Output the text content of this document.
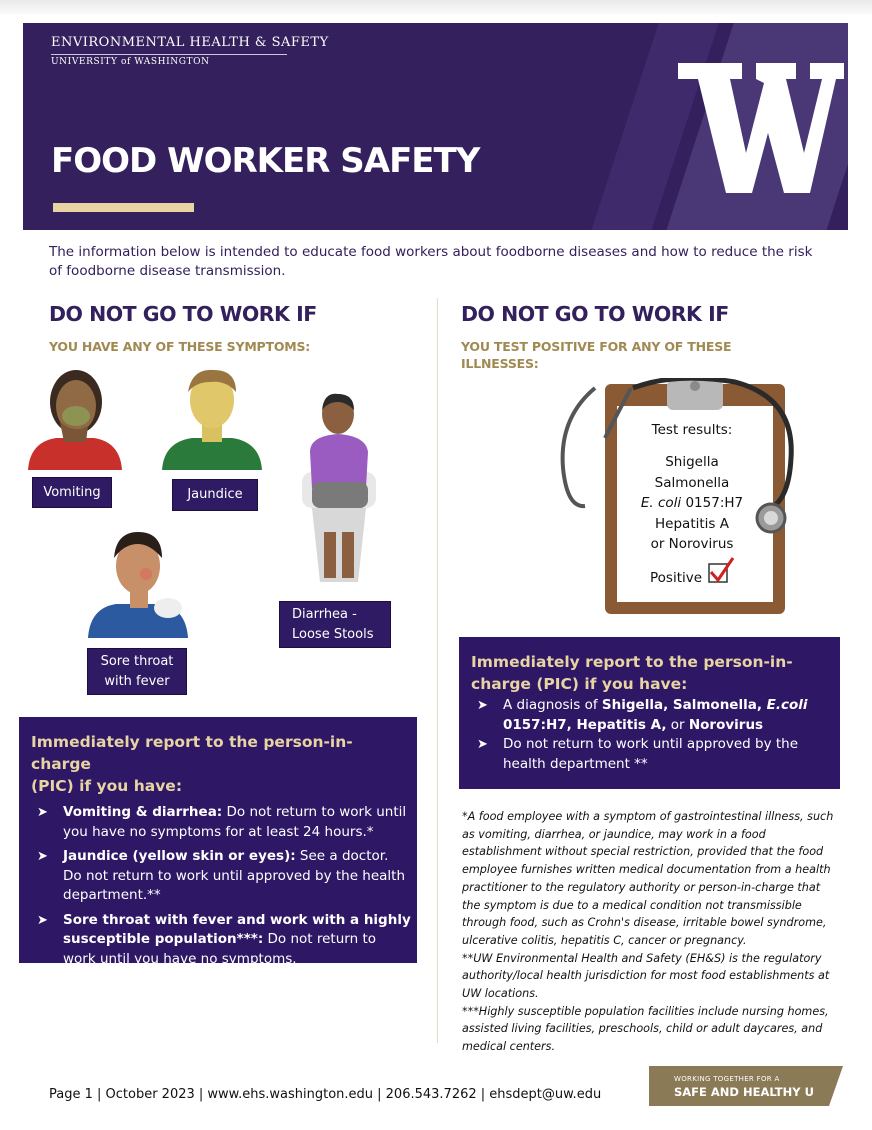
ENVIRONMENTAL HEALTH & SAFETY
UNIVERSITY of WASHINGTON
FOOD WORKER SAFETY
The information below is intended to educate food workers about foodborne diseases and how to reduce the risk of foodborne disease transmission.
DO NOT GO TO WORK IF
YOU HAVE ANY OF THESE SYMPTOMS:
Vomiting	Jaundice
Diarrhea -
Loose Stools
Sore throat
with fever
Immediately report to the person-in-charge
(PIC) if you have:
➤ Vomiting & diarrhea: Do not return to work until you have no symptoms for at least 24 hours.*
➤ Jaundice (yellow skin or eyes): See a doctor. Do not return to work until approved by the health department.**
➤ Sore throat with fever and work with a highly susceptible population***: Do not return to work until you have no symptoms.
DO NOT GO TO WORK IF
YOU TEST POSITIVE FOR ANY OF THESE
ILLNESSES:
Test results:
Shigella
Salmonella
E. coli 0157:H7
Hepatitis A
or Norovirus
Positive
Immediately report to the person-in-
charge (PIC) if you have:
➤ A diagnosis of Shigella, Salmonella, E.coli
0157:H7, Hepatitis A, or Norovirus
➤ Do not return to work until approved by the health department **
*A food employee with a symptom of gastrointestinal illness, such as vomiting, diarrhea, or jaundice, may work in a food establishment without special restriction, provided that the food employee furnishes written medical documentation from a health practitioner to the regulatory authority or person-in-charge that the symptom is due to a medical condition not transmissible through food, such as Crohn's disease, irritable bowel syndrome, ulcerative colitis, hepatitis C, cancer or pregnancy.
**UW Environmental Health and Safety (EH&S) is the regulatory authority/local health jurisdiction for most food establishments at UW locations.
***Highly susceptible population facilities include nursing homes, assisted living facilities, preschools, child or adult daycares, and medical centers.
Page 1 | October 2023 | www.ehs.washington.edu | 206.543.7262 | ehsdept@uw.edu
WORKING TOGETHER FOR A
SAFE AND HEALTHY U
